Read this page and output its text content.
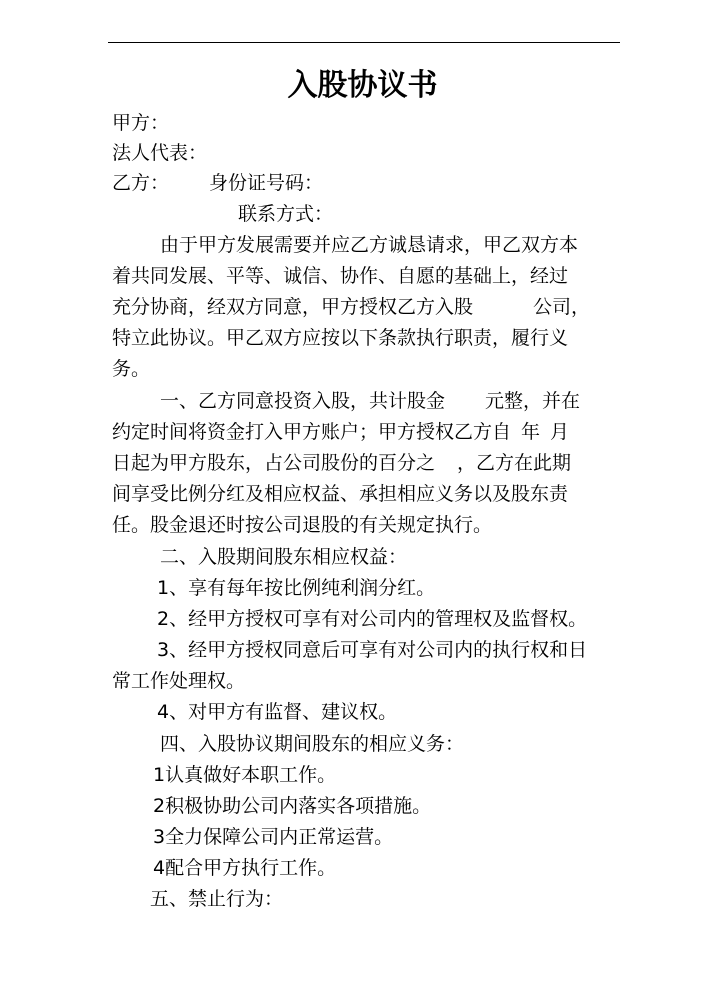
入股协议书
甲方：
法人代表：
乙方： 身份证号码：
联系方式：
由于甲方发展需要并应乙方诚恳请求，甲乙双方本
着共同发展、平等、诚信、协作、自愿的基础上，经过
充分协商，经双方同意，甲方授权乙方入股	公司，
特立此协议。甲乙双方应按以下条款执行职责，履行义
务。
一、乙方同意投资入股，共计股金 元整，并在
约定时间将资金打入甲方账户；甲方授权乙方自 年 月
日起为甲方股东，占公司股份的百分之 ，乙方在此期
间享受比例分红及相应权益、承担相应义务以及股东责
任。股金退还时按公司退股的有关规定执行。
二、入股期间股东相应权益：
1、享有每年按比例纯利润分红。
2、经甲方授权可享有对公司内的管理权及监督权。
3、经甲方授权同意后可享有对公司内的执行权和日
常工作处理权。
4、对甲方有监督、建议权。
四、入股协议期间股东的相应义务：
1认真做好本职工作。
2积极协助公司内落实各项措施。
3全力保障公司内正常运营。
4配合甲方执行工作。
五、禁止行为：
